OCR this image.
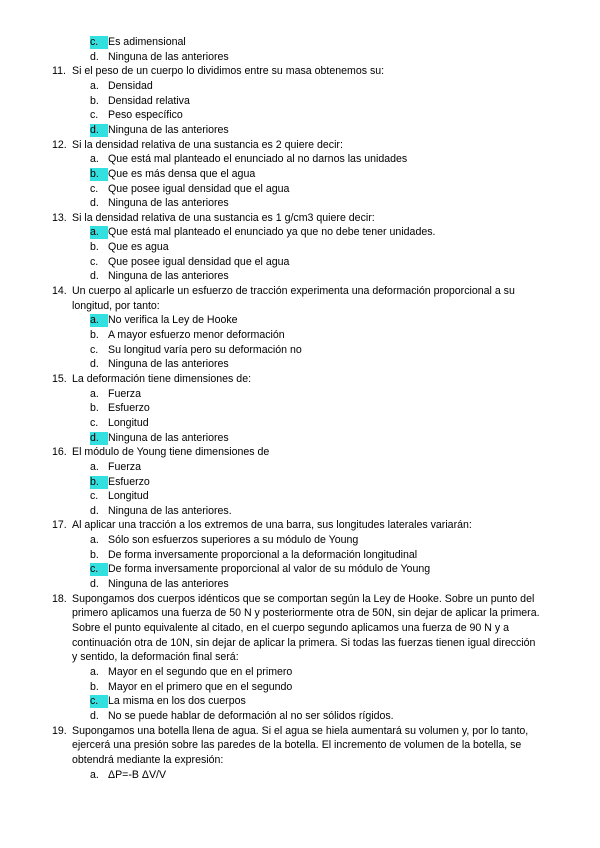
c. Es adimensional
d. Ninguna de las anteriores
11. Si el peso de un cuerpo lo dividimos entre su masa obtenemos su:
a. Densidad
b. Densidad relativa
c. Peso específico
d. Ninguna de las anteriores
12. Si la densidad relativa de una sustancia es 2 quiere decir:
a. Que está mal planteado el enunciado al no darnos las unidades
b. Que es más densa que el agua
c. Que posee igual densidad que el agua
d. Ninguna de las anteriores
13. Si la densidad relativa de una sustancia es 1 g/cm3 quiere decir:
a. Que está mal planteado el enunciado ya que no debe tener unidades.
b. Que es agua
c. Que posee igual densidad que el agua
d. Ninguna de las anteriores
14. Un cuerpo al aplicarle un esfuerzo de tracción experimenta una deformación proporcional a su
longitud, por tanto:
a. No verifica la Ley de Hooke
b. A mayor esfuerzo menor deformación
c. Su longitud varía pero su deformación no
d. Ninguna de las anteriores
15. La deformación tiene dimensiones de:
a. Fuerza
b. Esfuerzo
c. Longitud
d. Ninguna de las anteriores
16. El módulo de Young tiene dimensiones de
a. Fuerza
b. Esfuerzo
c. Longitud
d. Ninguna de las anteriores.
17. Al aplicar una tracción a los extremos de una barra, sus longitudes laterales variarán:
a. Sólo son esfuerzos superiores a su módulo de Young
b. De forma inversamente proporcional a la deformación longitudinal
c. De forma inversamente proporcional al valor de su módulo de Young
d. Ninguna de las anteriores
18. Supongamos dos cuerpos idénticos que se comportan según la Ley de Hooke. Sobre un punto del
primero aplicamos una fuerza de 50 N y posteriormente otra de 50N, sin dejar de aplicar la primera.
Sobre el punto equivalente al citado, en el cuerpo segundo aplicamos una fuerza de 90 N y a
continuación otra de 10N, sin dejar de aplicar la primera. Si todas las fuerzas tienen igual dirección
y sentido, la deformación final será:
a. Mayor en el segundo que en el primero
b. Mayor en el primero que en el segundo
c. La misma en los dos cuerpos
d. No se puede hablar de deformación al no ser sólidos rígidos.
19. Supongamos una botella llena de agua. Si el agua se hiela aumentará su volumen y, por lo tanto,
ejercerá una presión sobre las paredes de la botella. El incremento de volumen de la botella, se
obtendrá mediante la expresión:
a. ΔP=-B ΔV/V
